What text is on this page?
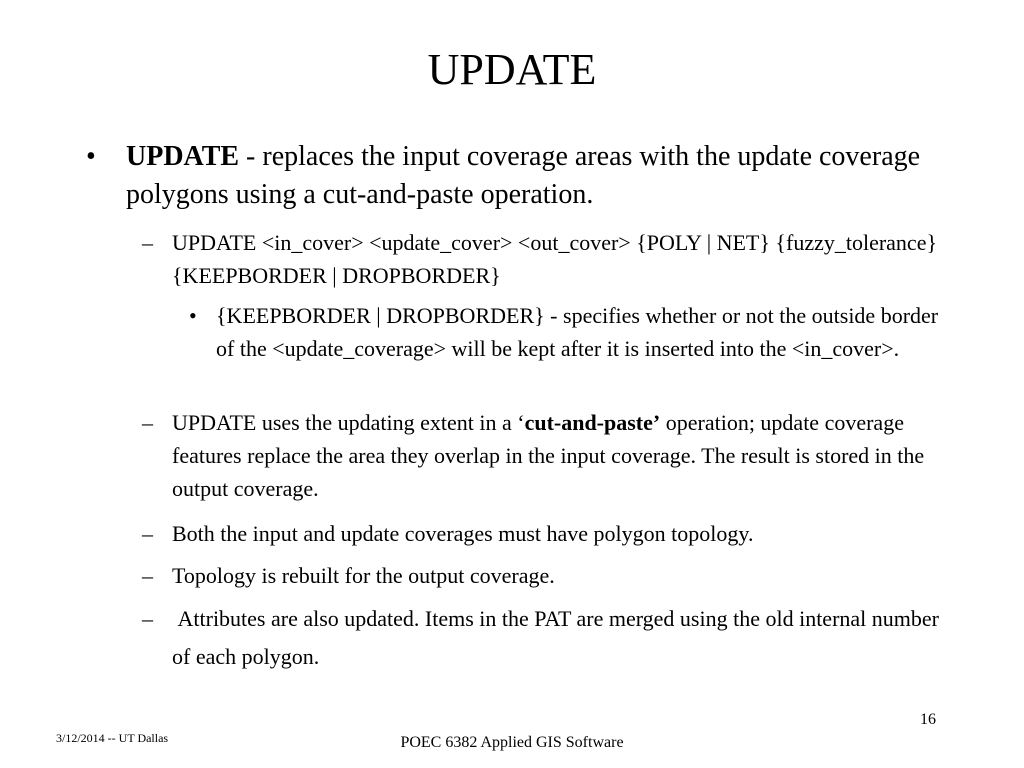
UPDATE
• UPDATE - replaces the input coverage areas with the update coverage polygons using a cut-and-paste operation.
– UPDATE <in_cover> <update_cover> <out_cover> {POLY | NET} {fuzzy_tolerance} {KEEPBORDER | DROPBORDER}
• {KEEPBORDER | DROPBORDER} - specifies whether or not the outside border of the <update_coverage> will be kept after it is inserted into the <in_cover>.
– UPDATE uses the updating extent in a ‘cut-and-paste’ operation; update coverage features replace the area they overlap in the input coverage. The result is stored in the output coverage.
– Both the input and update coverages must have polygon topology.
– Topology is rebuilt for the output coverage.
– Attributes are also updated. Items in the PAT are merged using the old internal number of each polygon.
16
3/12/2014 -- UT Dallas	POEC 6382 Applied GIS Software
